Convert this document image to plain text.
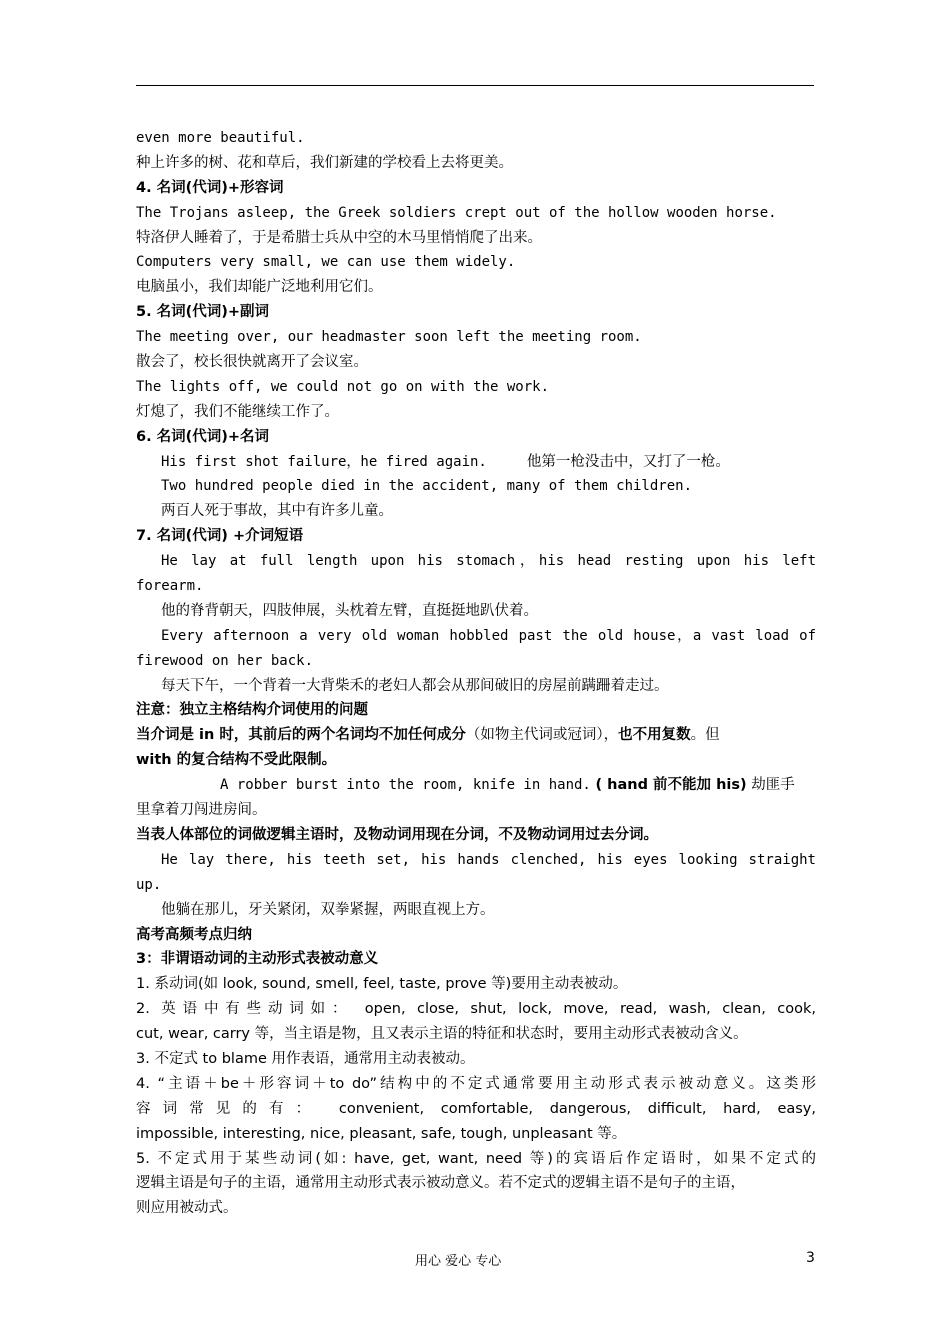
even more beautiful.
种上许多的树、花和草后，我们新建的学校看上去将更美。
4. 名词(代词)+形容词
The Trojans asleep, the Greek soldiers crept out of the hollow wooden horse.
特洛伊人睡着了，于是希腊士兵从中空的木马里悄悄爬了出来。
Computers very small, we can use them widely.
电脑虽小，我们却能广泛地利用它们。
5. 名词(代词)+副词
The meeting over, our headmaster soon left the meeting room.
散会了，校长很快就离开了会议室。
The lights off, we could not go on with the work.
灯熄了，我们不能继续工作了。
6. 名词(代词)+名词
His first shot failure，he fired again.	他第一枪没击中，又打了一枪。
Two hundred people died in the accident, many of them children.
两百人死于事故，其中有许多儿童。
7. 名词(代词) +介词短语
He lay at full length upon his stomach，his head resting upon his left
forearm.
他的脊背朝天，四肢伸展，头枕着左臂，直挺挺地趴伏着。
Every afternoon a very old woman hobbled past the old house，a vast load of
firewood on her back.
每天下午，一个背着一大背柴禾的老妇人都会从那间破旧的房屋前蹒跚着走过。
注意：独立主格结构介词使用的问题
当介词是 in 时，其前后的两个名词均不加任何成分（如物主代词或冠词），也不用复数。但
with 的复合结构不受此限制。
A robber burst into the room, knife in hand. ( hand 前不能加 his) 劫匪手
里拿着刀闯进房间。
当表人体部位的词做逻辑主语时，及物动词用现在分词，不及物动词用过去分词。
He lay there, his teeth set, his hands clenched, his eyes looking straight
up.
他躺在那儿，牙关紧闭，双拳紧握，两眼直视上方。
高考高频考点归纳
3：非谓语动词的主动形式表被动意义
1. 系动词(如 look, sound, smell, feel, taste, prove 等)要用主动表被动。
2. 英语中有些动词如： open, close, shut, lock, move, read, wash, clean, cook,
cut, wear, carry 等，当主语是物，且又表示主语的特征和状态时，要用主动形式表被动含义。
3. 不定式 to blame 用作表语，通常用主动表被动。
4. “主语＋be＋形容词＋to do”结构中的不定式通常要用主动形式表示被动意义。这类形
容词常见的有： convenient, comfortable, dangerous, difficult, hard, easy,
impossible, interesting, nice, pleasant, safe, tough, unpleasant 等。
5. 不定式用于某些动词(如: have, get, want, need 等)的宾语后作定语时，如果不定式的
逻辑主语是句子的主语，通常用主动形式表示被动意义。若不定式的逻辑主语不是句子的主语，
则应用被动式。
用心 爱心 专心	3
